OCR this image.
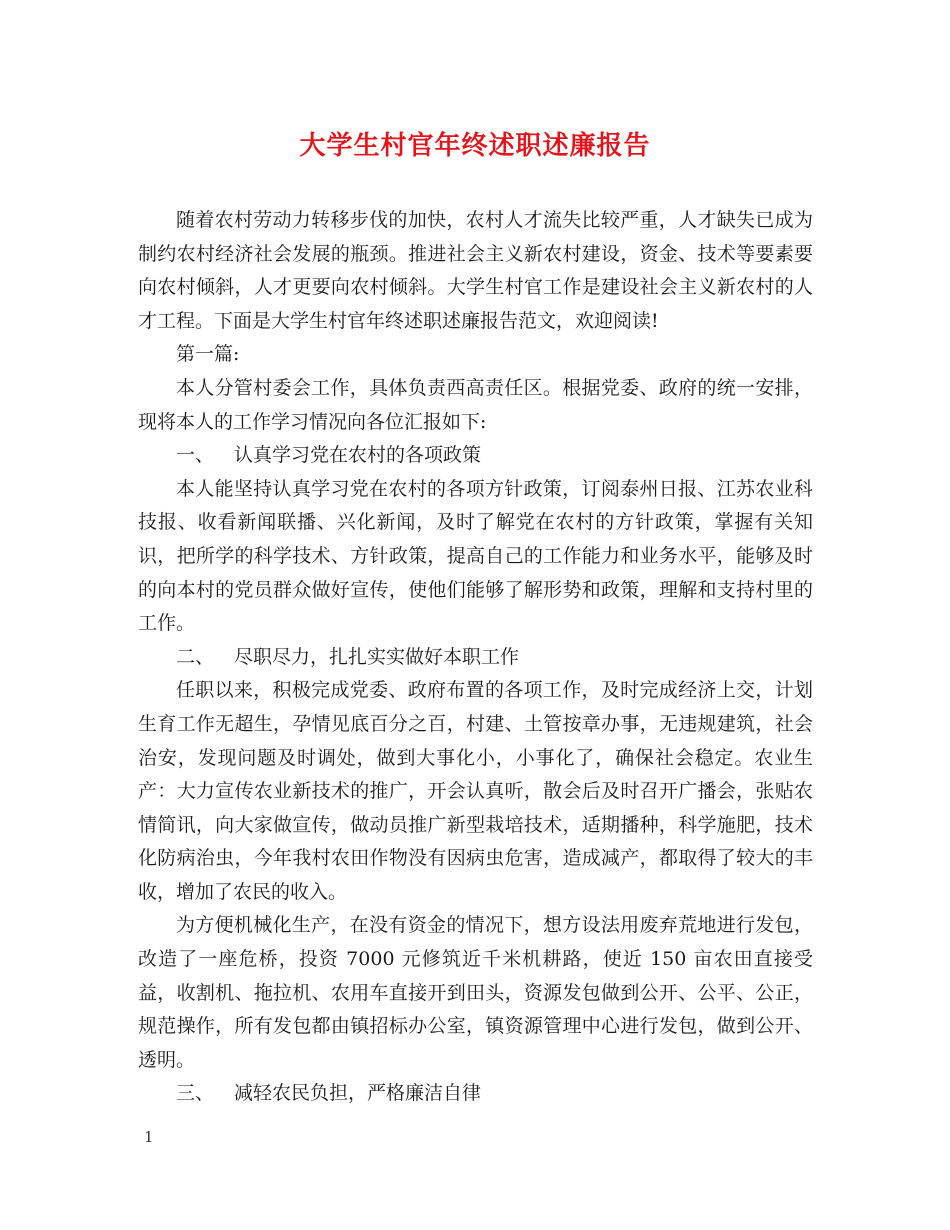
大学生村官年终述职述廉报告

随着农村劳动力转移步伐的加快，农村人才流失比较严重，人才缺失已成为制约农村经济社会发展的瓶颈。推进社会主义新农村建设，资金、技术等要素要向农村倾斜，人才更要向农村倾斜。大学生村官工作是建设社会主义新农村的人才工程。下面是大学生村官年终述职述廉报告范文，欢迎阅读!

第一篇:

本人分管村委会工作，具体负责西高责任区。根据党委、政府的统一安排，现将本人的工作学习情况向各位汇报如下:

一、 认真学习党在农村的各项政策

本人能坚持认真学习党在农村的各项方针政策，订阅泰州日报、江苏农业科技报、收看新闻联播、兴化新闻，及时了解党在农村的方针政策，掌握有关知识，把所学的科学技术、方针政策，提高自己的工作能力和业务水平，能够及时的向本村的党员群众做好宣传，使他们能够了解形势和政策，理解和支持村里的工作。

二、 尽职尽力，扎扎实实做好本职工作

任职以来，积极完成党委、政府布置的各项工作，及时完成经济上交，计划生育工作无超生，孕情见底百分之百，村建、土管按章办事，无违规建筑，社会治安，发现问题及时调处，做到大事化小，小事化了，确保社会稳定。农业生产：大力宣传农业新技术的推广，开会认真听，散会后及时召开广播会，张贴农情简讯，向大家做宣传，做动员推广新型栽培技术，适期播种，科学施肥，技术化防病治虫，今年我村农田作物没有因病虫危害，造成减产，都取得了较大的丰收，增加了农民的收入。

为方便机械化生产，在没有资金的情况下，想方设法用废弃荒地进行发包，改造了一座危桥，投资 7000 元修筑近千米机耕路，使近 150 亩农田直接受益，收割机、拖拉机、农用车直接开到田头，资源发包做到公开、公平、公正，规范操作，所有发包都由镇招标办公室，镇资源管理中心进行发包，做到公开、透明。

三、 减轻农民负担，严格廉洁自律

1
